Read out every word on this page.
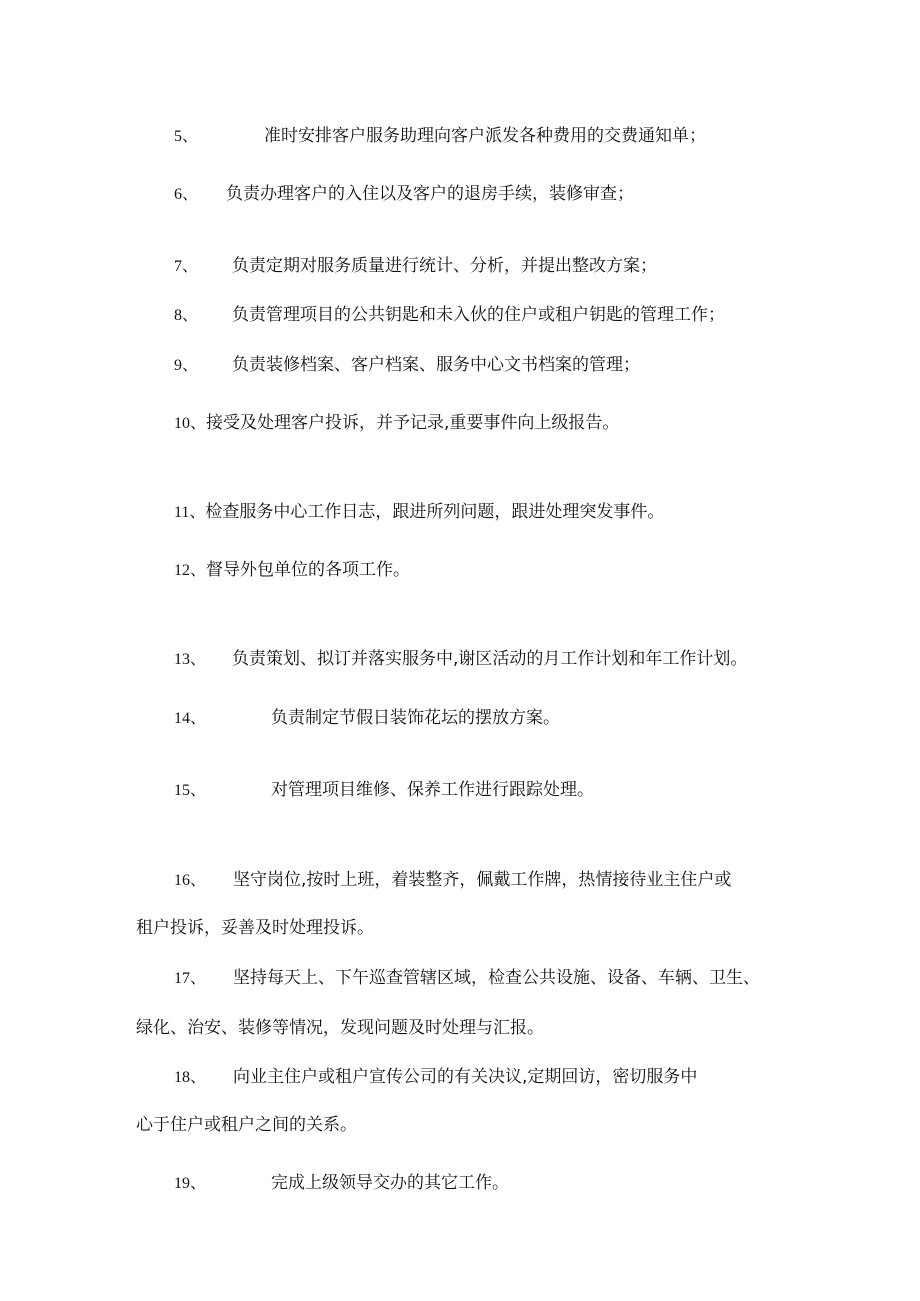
5、	准时安排客户服务助理向客户派发各种费用的交费通知单；

6、 负责办理客户的入住以及客户的退房手续，装修审查；

7、 负责定期对服务质量进行统计、分析，并提出整改方案；

8、 负责管理项目的公共钥匙和未入伙的住户或租户钥匙的管理工作；

9、 负责装修档案、客户档案、服务中心文书档案的管理；

10、接受及处理客户投诉，并予记录,重要事件向上级报告。

11、检查服务中心工作日志，跟进所列问题，跟进处理突发事件。

12、督导外包单位的各项工作。

13、 负责策划、拟订并落实服务中,谢区活动的月工作计划和年工作计划。

14、	负责制定节假日装饰花坛的摆放方案。

15、	对管理项目维修、保养工作进行跟踪处理。

16、 坚守岗位,按时上班，着装整齐，佩戴工作牌，热情接待业主住户或

租户投诉，妥善及时处理投诉。

17、 坚持每天上、下午巡查管辖区域，检查公共设施、设备、车辆、卫生、

绿化、治安、装修等情况，发现问题及时处理与汇报。

18、 向业主住户或租户宣传公司的有关决议,定期回访，密切服务中

心于住户或租户之间的关系。

19、	完成上级领导交办的其它工作。
